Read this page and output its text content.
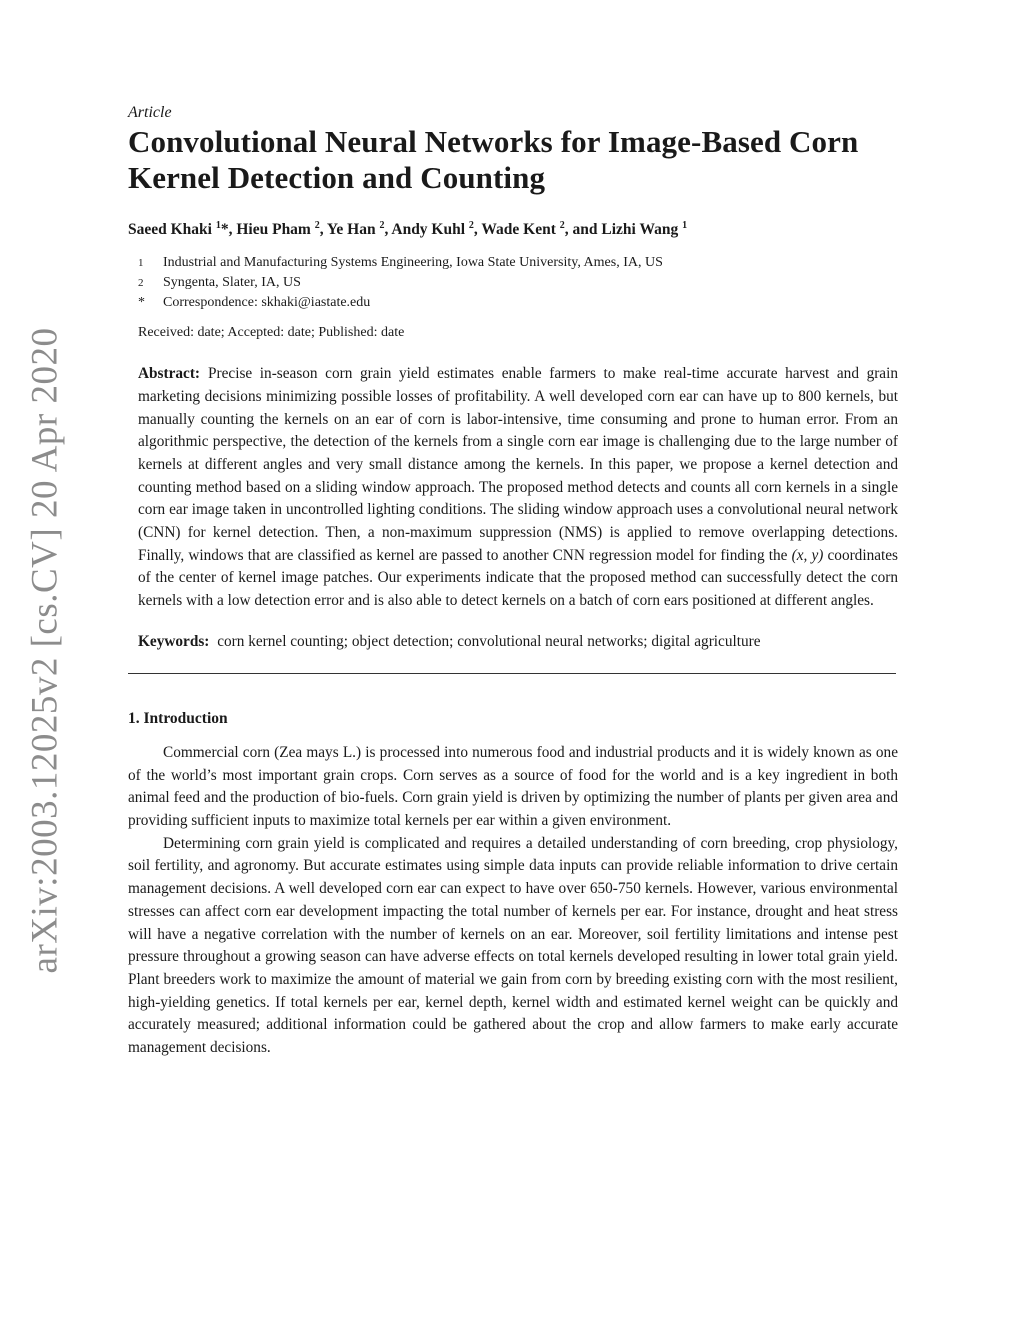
arXiv:2003.12025v2 [cs.CV] 20 Apr 2020
Article
Convolutional Neural Networks for Image-Based Corn Kernel Detection and Counting
Saeed Khaki $^1$*, Hieu Pham $^2$, Ye Han $^2$, Andy Kuhl $^2$, Wade Kent $^2$, and Lizhi Wang $^1$
1	Industrial and Manufacturing Systems Engineering, Iowa State University, Ames, IA, US
2	Syngenta, Slater, IA, US
*	Correspondence: skhaki@iastate.edu
Received: date; Accepted: date; Published: date
Abstract: Precise in-season corn grain yield estimates enable farmers to make real-time accurate harvest and grain marketing decisions minimizing possible losses of profitability. A well developed corn ear can have up to 800 kernels, but manually counting the kernels on an ear of corn is labor-intensive, time consuming and prone to human error. From an algorithmic perspective, the detection of the kernels from a single corn ear image is challenging due to the large number of kernels at different angles and very small distance among the kernels. In this paper, we propose a kernel detection and counting method based on a sliding window approach. The proposed method detects and counts all corn kernels in a single corn ear image taken in uncontrolled lighting conditions. The sliding window approach uses a convolutional neural network (CNN) for kernel detection. Then, a non-maximum suppression (NMS) is applied to remove overlapping detections. Finally, windows that are classified as kernel are passed to another CNN regression model for finding the (x, y) coordinates of the center of kernel image patches. Our experiments indicate that the proposed method can successfully detect the corn kernels with a low detection error and is also able to detect kernels on a batch of corn ears positioned at different angles.
Keywords: corn kernel counting; object detection; convolutional neural networks; digital agriculture
1. Introduction

Commercial corn (Zea mays L.) is processed into numerous food and industrial products and it is widely known as one of the world’s most important grain crops. Corn serves as a source of food for the world and is a key ingredient in both animal feed and the production of bio-fuels. Corn grain yield is driven by optimizing the number of plants per given area and providing sufficient inputs to maximize total kernels per ear within a given environment.

Determining corn grain yield is complicated and requires a detailed understanding of corn breeding, crop physiology, soil fertility, and agronomy. But accurate estimates using simple data inputs can provide reliable information to drive certain management decisions. A well developed corn ear can expect to have over 650-750 kernels. However, various environmental stresses can affect corn ear development impacting the total number of kernels per ear. For instance, drought and heat stress will have a negative correlation with the number of kernels on an ear. Moreover, soil fertility limitations and intense pest pressure throughout a growing season can have adverse effects on total kernels developed resulting in lower total grain yield. Plant breeders work to maximize the amount of material we gain from corn by breeding existing corn with the most resilient, high-yielding genetics. If total kernels per ear, kernel depth, kernel width and estimated kernel weight can be quickly and accurately measured; additional information could be gathered about the crop and allow farmers to make early accurate management decisions.
